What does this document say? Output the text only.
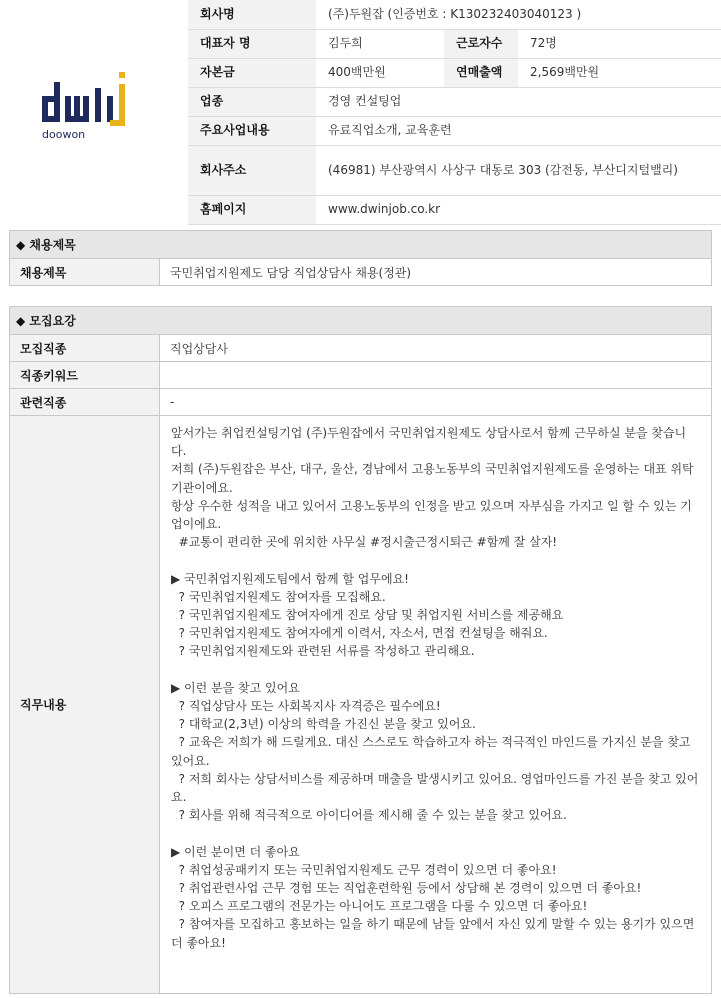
doowon
회사명	(주)두원잡 (인증번호 : K130232403040123 )		
대표자 명	김두희	근로자수	72명
자본금	400백만원	연매출액	2,569백만원
업종	경영 컨설팅업		
주요사업내용	유료직업소개, 교육훈련		
회사주소	(46981) 부산광역시 사상구 대동로 303 (감전동, 부산디지털밸리)		
홈페이지	www.dwinjob.co.kr		
◆ 채용제목
채용제목	국민취업지원제도 담당 직업상담사 채용(정관)
◆ 모집요강
모집직종	직업상담사
직종키워드
관련직종	-
직무내용
앞서가는 취업컨설팅기업 (주)두원잡에서 국민취업지원제도 상담사로서 함께 근무하실 분을 찾습니다.
저희 (주)두원잡은 부산, 대구, 울산, 경남에서 고용노동부의 국민취업지원제도를 운영하는 대표 위탁기관이에요.
항상 우수한 성적을 내고 있어서 고용노동부의 인정을 받고 있으며 자부심을 가지고 일 할 수 있는 기업이에요.
#교통이 편리한 곳에 위치한 사무실 #정시출근정시퇴근 #함께 잘 살자!
▶ 국민취업지원제도팀에서 함께 할 업무에요!
? 국민취업지원제도 참여자를 모집해요.
? 국민취업지원제도 참여자에게 진로 상담 및 취업지원 서비스를 제공해요
? 국민취업지원제도 참여자에게 이력서, 자소서, 면접 컨설팅을 해줘요.
? 국민취업지원제도와 관련된 서류를 작성하고 관리해요.
▶ 이런 분을 찾고 있어요
? 직업상담사 또는 사회복지사 자격증은 필수에요!
? 대학교(2,3년) 이상의 학력을 가진신 분을 찾고 있어요.
? 교육은 저희가 해 드릴게요. 대신 스스로도 학습하고자 하는 적극적인 마인드를 가지신 분을 찾고 있어요.
? 저희 회사는 상담서비스를 제공하며 매출을 발생시키고 있어요. 영업마인드를 가진 분을 찾고 있어요.
? 회사를 위해 적극적으로 아이디어를 제시해 줄 수 있는 분을 찾고 있어요.
▶ 이런 분이면 더 좋아요
? 취업성공패키지 또는 국민취업지원제도 근무 경력이 있으면 더 좋아요!
? 취업관련사업 근무 경험 또는 직업훈련학원 등에서 상담해 본 경력이 있으면 더 좋아요!
? 오피스 프로그램의 전문가는 아니어도 프로그램을 다룰 수 있으면 더 좋아요!
? 참여자를 모집하고 홍보하는 일을 하기 때문에 남들 앞에서 자신 있게 말할 수 있는 용기가 있으면 더 좋아요!
